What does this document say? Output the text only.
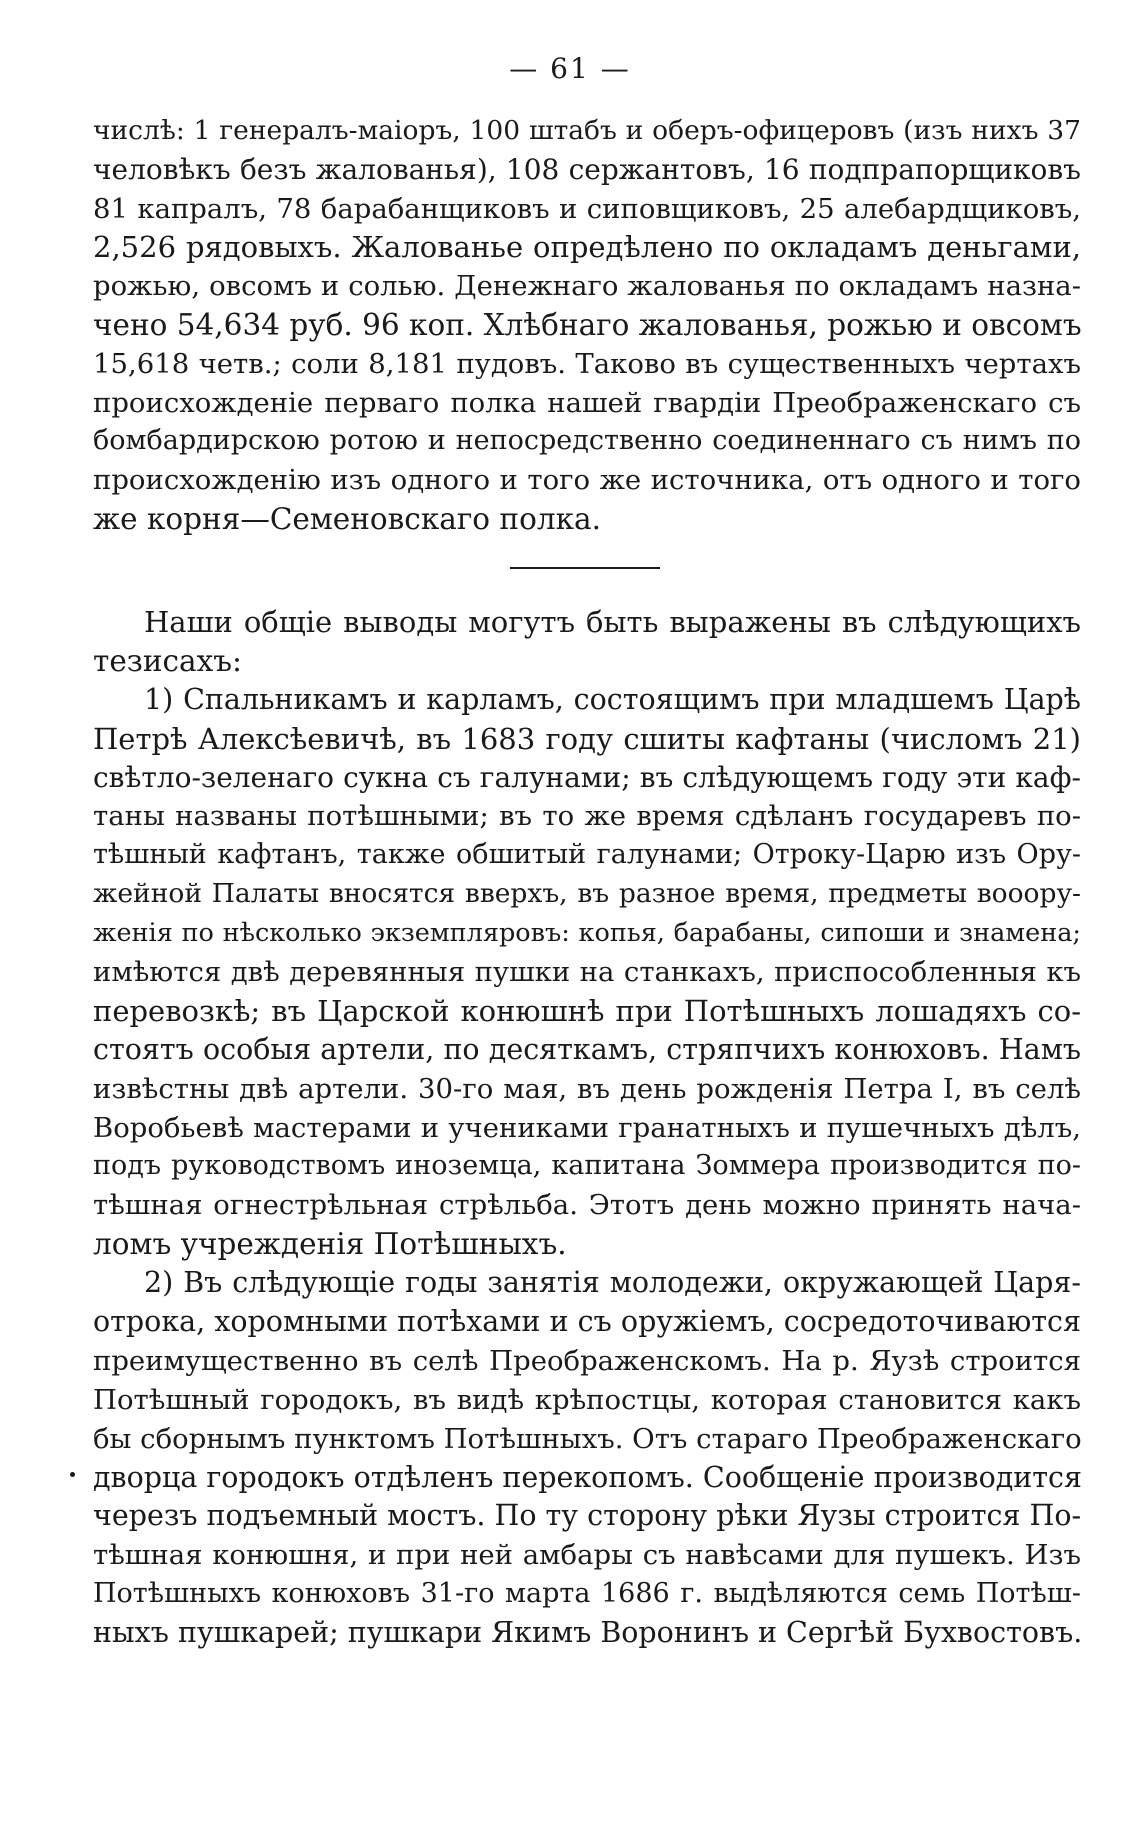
— 61 —
числѣ: 1 генералъ-маіоръ, 100 штабъ и оберъ-офицеровъ (изъ нихъ 37
человѣкъ безъ жалованья), 108 сержантовъ, 16 подпрапорщиковъ
81 капралъ, 78 барабанщиковъ и сиповщиковъ, 25 алебардщиковъ,
2,526 рядовыхъ. Жалованье опредѣлено по окладамъ деньгами,
рожью, овсомъ и солью. Денежнаго жалованья по окладамъ назна-
чено 54,634 руб. 96 коп. Хлѣбнаго жалованья, рожью и овсомъ
15,618 четв.; соли 8,181 пудовъ. Таково въ существенныхъ чертахъ
происхожденіе перваго полка нашей гвардіи Преображенскаго съ
бомбардирскою ротою и непосредственно соединеннаго съ нимъ по
происхожденію изъ одного и того же источника, отъ одного и того
же корня—Семеновскаго полка.
Наши общіе выводы могутъ быть выражены въ слѣдующихъ
тезисахъ:
1) Спальникамъ и карламъ, состоящимъ при младшемъ Царѣ
Петрѣ Алексѣевичѣ, въ 1683 году сшиты кафтаны (числомъ 21)
свѣтло-зеленаго сукна съ галунами; въ слѣдующемъ году эти каф-
таны названы потѣшными; въ то же время сдѣланъ государевъ по-
тѣшный кафтанъ, также обшитый галунами; Отроку-Царю изъ Ору-
жейной Палаты вносятся вверхъ, въ разное время, предметы вооору-
женія по нѣсколько экземпляровъ: копья, барабаны, сипоши и знамена;
имѣются двѣ деревянныя пушки на станкахъ, приспособленныя къ
перевозкѣ; въ Царской конюшнѣ при Потѣшныхъ лошадяхъ со-
стоятъ особыя артели, по десяткамъ, стряпчихъ конюховъ. Намъ
извѣстны двѣ артели. 30-го мая, въ день рожденія Петра I, въ селѣ
Воробьевѣ мастерами и учениками гранатныхъ и пушечныхъ дѣлъ,
подъ руководствомъ иноземца, капитана Зоммера производится по-
тѣшная огнестрѣльная стрѣльба. Этотъ день можно принять нача-
ломъ учрежденія Потѣшныхъ.
2) Въ слѣдующіе годы занятія молодежи, окружающей Царя-
отрока, хоромными потѣхами и съ оружіемъ, сосредоточиваются
преимущественно въ селѣ Преображенскомъ. На р. Яузѣ строится
Потѣшный городокъ, въ видѣ крѣпостцы, которая становится какъ
бы сборнымъ пунктомъ Потѣшныхъ. Отъ стараго Преображенскаго
дворца городокъ отдѣленъ перекопомъ. Сообщеніе производится
черезъ подъемный мостъ. По ту сторону рѣки Яузы строится По-
тѣшная конюшня, и при ней амбары съ навѣсами для пушекъ. Изъ
Потѣшныхъ конюховъ 31-го марта 1686 г. выдѣляются семь Потѣш-
ныхъ пушкарей; пушкари Якимъ Воронинъ и Сергѣй Бухвостовъ.
